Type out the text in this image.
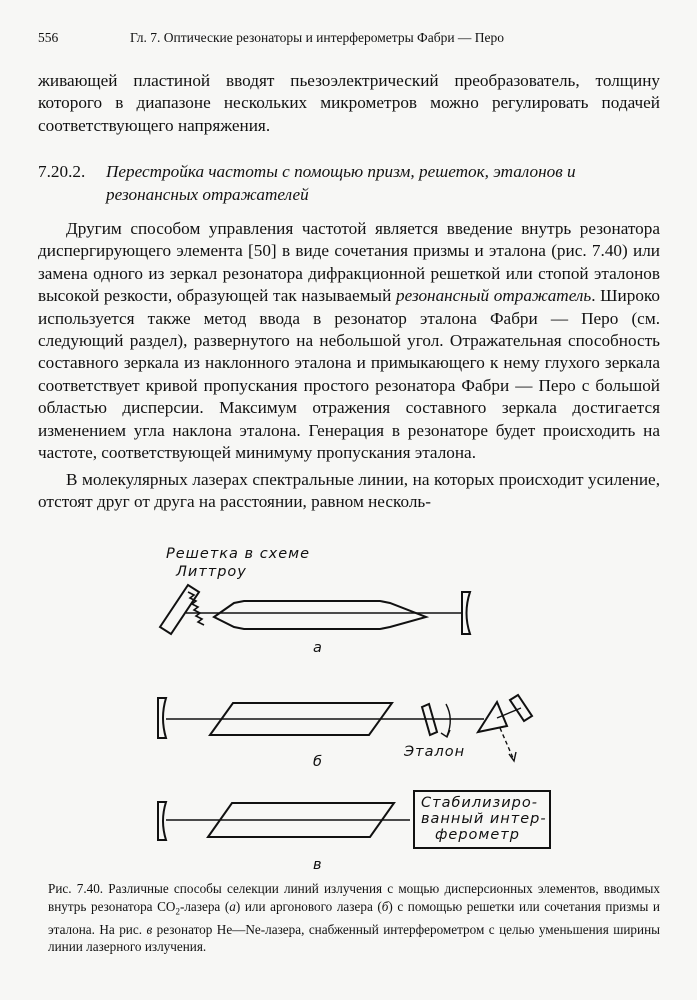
556	Гл. 7. Оптические резонаторы и интерферометры Фабри — Перо

живающей пластиной вводят пьезоэлектрический преобразователь, толщину которого в диапазоне нескольких микрометров можно регулировать подачей соответствующего напряжения.

7.20.2.	Перестройка частоты с помощью призм, решеток, эталонов и резонансных отражателей

Другим способом управления частотой является введение внутрь резонатора диспергирующего элемента [50] в виде сочетания призмы и эталона (рис. 7.40) или замена одного из зеркал резонатора дифракционной решеткой или стопой эталонов высокой резкости, образующей так называемый резонансный отражатель. Широко используется также метод ввода в резонатор эталона Фабри — Перо (см. следующий раздел), развернутого на небольшой угол. Отражательная способность составного зеркала из наклонного эталона и примыкающего к нему глухого зеркала соответствует кривой пропускания простого резонатора Фабри — Перо с большой областью дисперсии. Максимум отражения составного зеркала достигается изменением угла наклона эталона. Генерация в резонаторе будет происходить на частоте, соответствующей минимуму пропускания эталона.

В молекулярных лазерах спектральные линии, на которых происходит усиление, отстоят друг от друга на расстоянии, равном несколь-

Решетка в схеме
Литтроу
а
б
Эталон
в
Стабилизиро-
ванный интер-
ферометр

Рис. 7.40. Различные способы селекции линий излучения с мощью дисперсионных элементов, вводимых внутрь резонатора $CO_2$-лазера (а) или аргонового лазера (б) с помощью решетки или сочетания призмы и эталона. На рис. в резонатор He—Ne-лазера, снабженный интерферометром с целью уменьшения ширины линии лазерного излучения.
